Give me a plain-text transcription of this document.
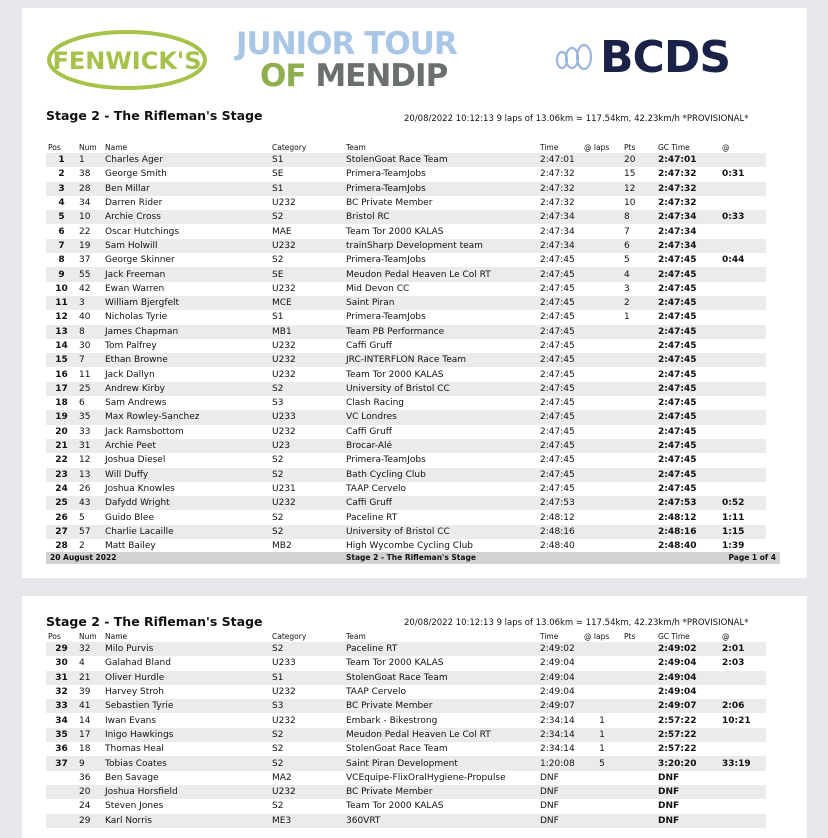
FENWICK'S JUNIOR TOUR
OF MENDIP	BCDS
Stage 2 - The Rifleman's Stage	20/08/2022 10:12:13 9 laps of 13.06km = 117.54km, 42.23km/h *PROVISIONAL*
Pos	Num	Name	Category	Team	Time	@ laps	Pts	GC Time	@
1	1	Charles Ager	S1	StolenGoat Race Team	2:47:01		20	2:47:01	
2	38	George Smith	SE	Primera-TeamJobs	2:47:32		15	2:47:32	0:31
3	28	Ben Millar	S1	Primera-TeamJobs	2:47:32		12	2:47:32	
4	34	Darren Rider	U232	BC Private Member	2:47:32		10	2:47:32	
5	10	Archie Cross	S2	Bristol RC	2:47:34		8	2:47:34	0:33
6	22	Oscar Hutchings	MAE	Team Tor 2000 KALAS	2:47:34		7	2:47:34	
7	19	Sam Holwill	U232	trainSharp Development team	2:47:34		6	2:47:34	
8	37	George Skinner	S2	Primera-TeamJobs	2:47:45		5	2:47:45	0:44
9	55	Jack Freeman	SE	Meudon Pedal Heaven Le Col RT	2:47:45		4	2:47:45	
10	42	Ewan Warren	U232	Mid Devon CC	2:47:45		3	2:47:45	
11	3	William Bjergfelt	MCE	Saint Piran	2:47:45		2	2:47:45	
12	40	Nicholas Tyrie	S1	Primera-TeamJobs	2:47:45		1	2:47:45	
13	8	James Chapman	MB1	Team PB Performance	2:47:45			2:47:45	
14	30	Tom Palfrey	U232	Caffi Gruff	2:47:45			2:47:45	
15	7	Ethan Browne	U232	JRC-INTERFLON Race Team	2:47:45			2:47:45	
16	11	Jack Dallyn	U232	Team Tor 2000 KALAS	2:47:45			2:47:45	
17	25	Andrew Kirby	S2	University of Bristol CC	2:47:45			2:47:45	
18	6	Sam Andrews	S3	Clash Racing	2:47:45			2:47:45	
19	35	Max Rowley-Sanchez	U233	VC Londres	2:47:45			2:47:45	
20	33	Jack Ramsbottom	U232	Caffi Gruff	2:47:45			2:47:45	
21	31	Archie Peet	U23	Brocar-Alé	2:47:45			2:47:45	
22	12	Joshua Diesel	S2	Primera-TeamJobs	2:47:45			2:47:45	
23	13	Will Duffy	S2	Bath Cycling Club	2:47:45			2:47:45	
24	26	Joshua Knowles	U231	TAAP Cervelo	2:47:45			2:47:45	
25	43	Dafydd Wright	U232	Caffi Gruff	2:47:53			2:47:53	0:52
26	5	Guido Blee	S2	Paceline RT	2:48:12			2:48:12	1:11
27	57	Charlie Lacaille	S2	University of Bristol CC	2:48:16			2:48:16	1:15
28	2	Matt Bailey	MB2	High Wycombe Cycling Club	2:48:40			2:48:40	1:39
20 August 2022	Stage 2 - The Rifleman's Stage	Page 1 of 4
Stage 2 - The Rifleman's Stage	20/08/2022 10:12:13 9 laps of 13.06km = 117.54km, 42.23km/h *PROVISIONAL*
Pos	Num	Name	Category	Team	Time	@ laps	Pts	GC Time	@
29	32	Milo Purvis	S2	Paceline RT	2:49:02			2:49:02	2:01
30	4	Galahad Bland	U233	Team Tor 2000 KALAS	2:49:04			2:49:04	2:03
31	21	Oliver Hurdle	S1	StolenGoat Race Team	2:49:04			2:49:04	
32	39	Harvey Stroh	U232	TAAP Cervelo	2:49:04			2:49:04	
33	41	Sebastien Tyrie	S3	BC Private Member	2:49:07			2:49:07	2:06
34	14	Iwan Evans	U232	Embark - Bikestrong	2:34:14	1		2:57:22	10:21
35	17	Inigo Hawkings	S2	Meudon Pedal Heaven Le Col RT	2:34:14	1		2:57:22	
36	18	Thomas Heal	S2	StolenGoat Race Team	2:34:14	1		2:57:22	
37	9	Tobias Coates	S2	Saint Piran Development	1:20:08	5		3:20:20	33:19
	36	Ben Savage	MA2	VCEquipe-FlixOralHygiene-Propulse	DNF			DNF	
	20	Joshua Horsfield	U232	BC Private Member	DNF			DNF	
	24	Steven Jones	S2	Team Tor 2000 KALAS	DNF			DNF	
	29	Karl Norris	ME3	360VRT	DNF			DNF	
